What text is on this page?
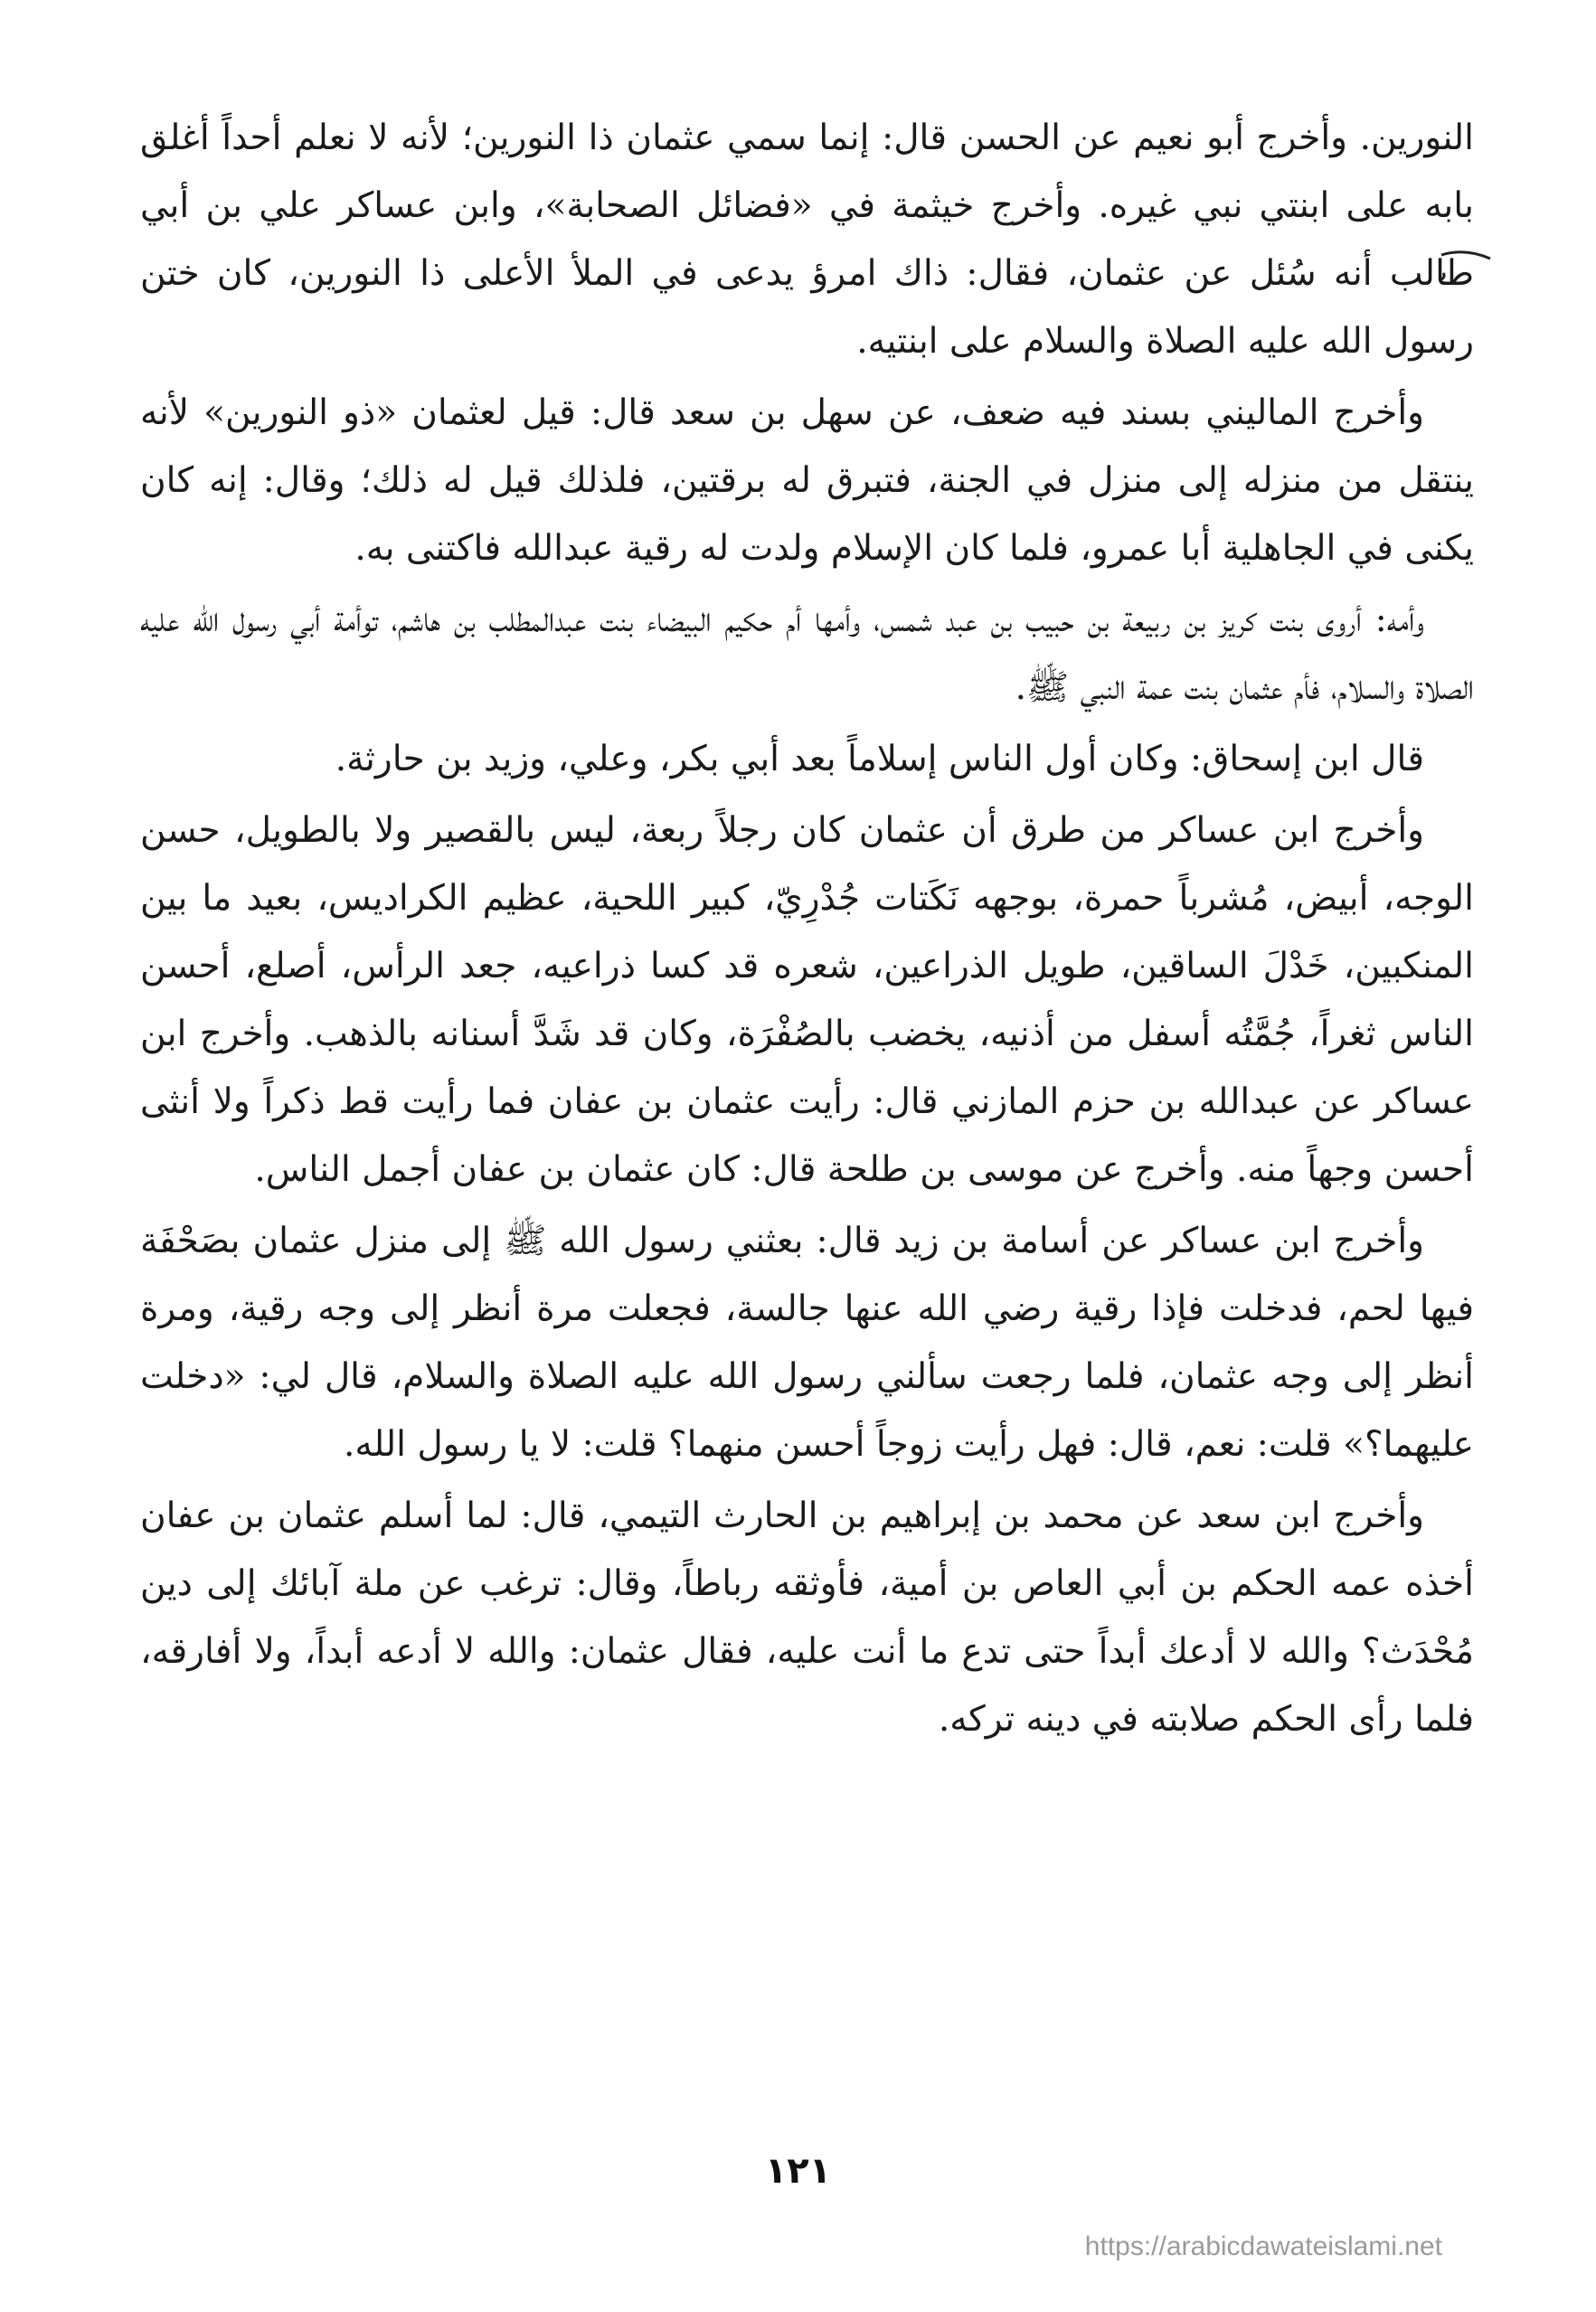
النورين. وأخرج أبو نعيم عن الحسن قال: إنما سمي عثمان ذا النورين؛ لأنه لا نعلم أحداً أغلق بابه على ابنتي نبي غيره. وأخرج خيثمة في «فضائل الصحابة»، وابن عساكر علي بن أبي طالب أنه سُئل عن عثمان، فقال: ذاك امرؤ يدعى في الملأ الأعلى ذا النورين، كان ختن رسول الله عليه الصلاة والسلام على ابنتيه.

وأخرج الماليني بسند فيه ضعف، عن سهل بن سعد قال: قيل لعثمان «ذو النورين» لأنه ينتقل من منزله إلى منزل في الجنة، فتبرق له برقتين، فلذلك قيل له ذلك؛ وقال: إنه كان يكنى في الجاهلية أبا عمرو، فلما كان الإسلام ولدت له رقية عبدالله فاكتنى به.

وأمه: أروى بنت كريز بن ربيعة بن حبيب بن عبد شمس، وأمها أم حكيم البيضاء بنت عبدالمطلب بن هاشم، توأمة أبي رسول الله عليه الصلاة والسلام، فأم عثمان بنت عمة النبي ﷺ.

قال ابن إسحاق: وكان أول الناس إسلاماً بعد أبي بكر، وعلي، وزيد بن حارثة.

وأخرج ابن عساكر من طرق أن عثمان كان رجلاً ربعة، ليس بالقصير ولا بالطويل، حسن الوجه، أبيض، مُشرباً حمرة، بوجهه نَكَتات جُدْرِيّ، كبير اللحية، عظيم الكراديس، بعيد ما بين المنكبين، خَدْلَ الساقين، طويل الذراعين، شعره قد كسا ذراعيه، جعد الرأس، أصلع، أحسن الناس ثغراً، جُمَّتُه أسفل من أذنيه، يخضب بالصُفْرَة، وكان قد شَدَّ أسنانه بالذهب. وأخرج ابن عساكر عن عبدالله بن حزم المازني قال: رأيت عثمان بن عفان فما رأيت قط ذكراً ولا أنثى أحسن وجهاً منه. وأخرج عن موسى بن طلحة قال: كان عثمان بن عفان أجمل الناس.

وأخرج ابن عساكر عن أسامة بن زيد قال: بعثني رسول الله ﷺ إلى منزل عثمان بصَحْفَة فيها لحم، فدخلت فإذا رقية رضي الله عنها جالسة، فجعلت مرة أنظر إلى وجه رقية، ومرة أنظر إلى وجه عثمان، فلما رجعت سألني رسول الله عليه الصلاة والسلام، قال لي: «دخلت عليهما؟» قلت: نعم، قال: فهل رأيت زوجاً أحسن منهما؟ قلت: لا يا رسول الله.

وأخرج ابن سعد عن محمد بن إبراهيم بن الحارث التيمي، قال: لما أسلم عثمان بن عفان أخذه عمه الحكم بن أبي العاص بن أمية، فأوثقه رباطاً، وقال: ترغب عن ملة آبائك إلى دين مُحْدَث؟ والله لا أدعك أبداً حتى تدع ما أنت عليه، فقال عثمان: والله لا أدعه أبداً، ولا أفارقه، فلما رأى الحكم صلابته في دينه تركه.

١٢١
https://arabicdawateislami.net
